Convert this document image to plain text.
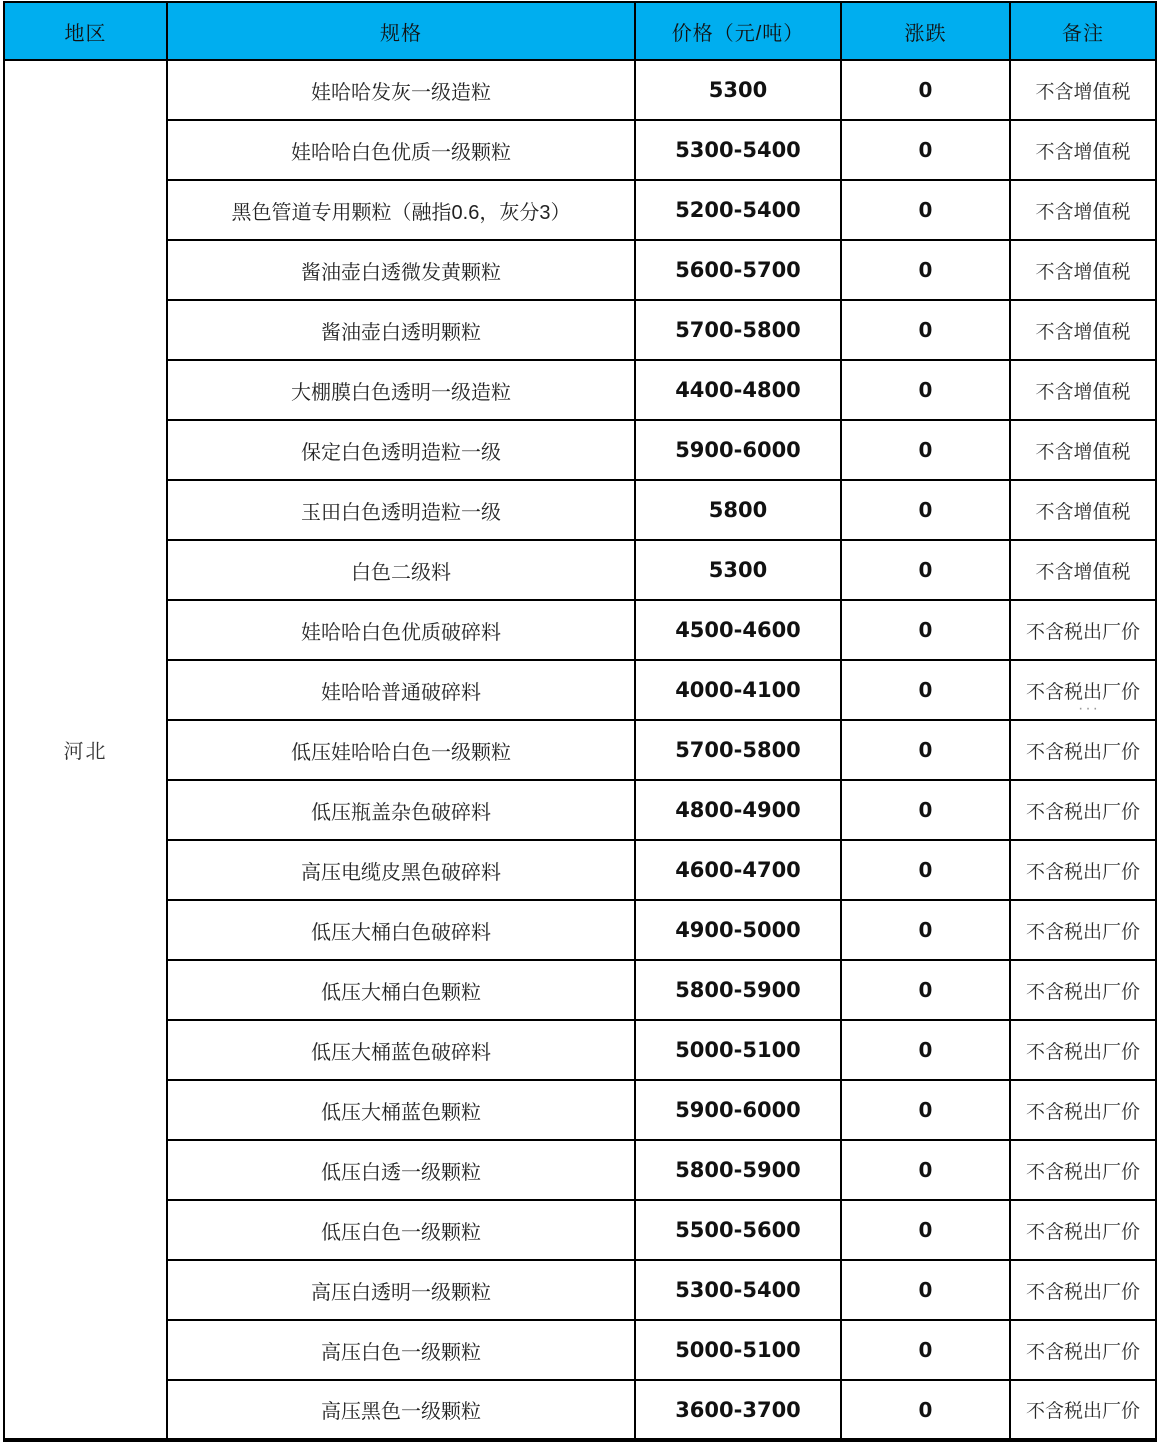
地区	规格	价格（元/吨）	涨跌	备注
河北	娃哈哈发灰一级造粒	5300	0	不含增值税
	娃哈哈白色优质一级颗粒	5300-5400	0	不含增值税
	黑色管道专用颗粒（融指0.6，灰分3）	5200-5400	0	不含增值税
	酱油壶白透微发黄颗粒	5600-5700	0	不含增值税
	酱油壶白透明颗粒	5700-5800	0	不含增值税
	大棚膜白色透明一级造粒	4400-4800	0	不含增值税
	保定白色透明造粒一级	5900-6000	0	不含增值税
	玉田白色透明造粒一级	5800	0	不含增值税
	白色二级料	5300	0	不含增值税
	娃哈哈白色优质破碎料	4500-4600	0	不含税出厂价
	娃哈哈普通破碎料	4000-4100	0	不含税出厂价
	低压娃哈哈白色一级颗粒	5700-5800	0	不含税出厂价
	低压瓶盖杂色破碎料	4800-4900	0	不含税出厂价
	高压电缆皮黑色破碎料	4600-4700	0	不含税出厂价
	低压大桶白色破碎料	4900-5000	0	不含税出厂价
	低压大桶白色颗粒	5800-5900	0	不含税出厂价
	低压大桶蓝色破碎料	5000-5100	0	不含税出厂价
	低压大桶蓝色颗粒	5900-6000	0	不含税出厂价
	低压白透一级颗粒	5800-5900	0	不含税出厂价
	低压白色一级颗粒	5500-5600	0	不含税出厂价
	高压白透明一级颗粒	5300-5400	0	不含税出厂价
	高压白色一级颗粒	5000-5100	0	不含税出厂价
	高压黑色一级颗粒	3600-3700	0	不含税出厂价
···
